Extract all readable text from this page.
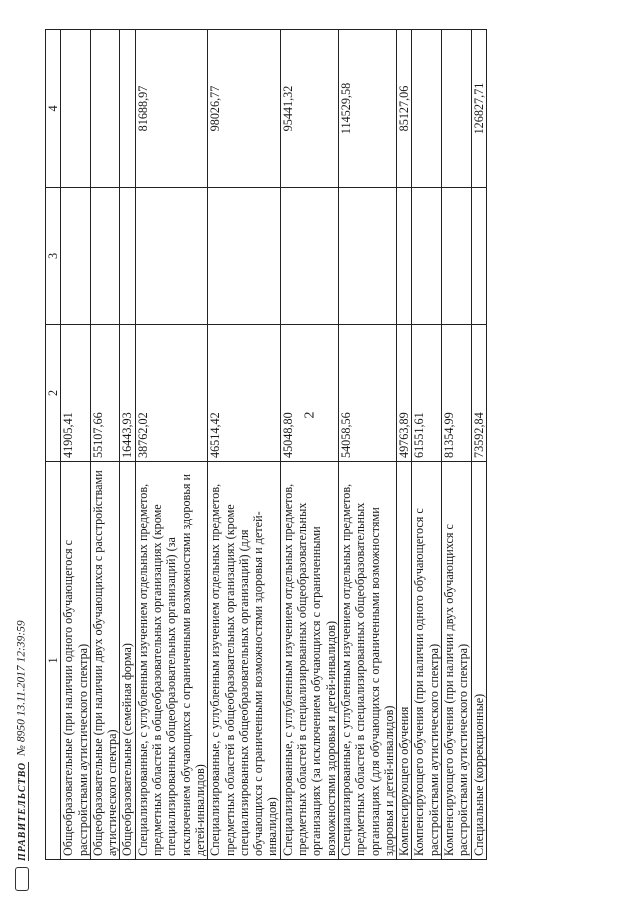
2
1	2	3	4
Общеобразовательные (при наличии одного обучающегося с расстройствами аутистического спектра)	41905,41		
Общеобразовательные (при наличии двух обучающихся с расстройствами аутистического спектра)	55107,66		
Общеобразовательные (семейная форма)	16443,93		
Специализированные, с углубленным изучением отдельных предметов, предметных областей в общеобразовательных организациях (кроме специализированных общеобразовательных организаций) (за исключением обучающихся с ограниченными возможностями здоровья и детей-инвалидов)	38762,02		81688,97
Специализированные, с углубленным изучением отдельных предметов, предметных областей в общеобразовательных организациях (кроме специализированных общеобразовательных организаций) (для обучающихся с ограниченными возможностями здоровья и детей-инвалидов)	46514,42		98026,77
Специализированные, с углубленным изучением отдельных предметов, предметных областей в специализированных общеобразовательных организациях (за исключением обучающихся с ограниченными возможностями здоровья и детей-инвалидов)	45048,80		95441,32
Специализированные, с углубленным изучением отдельных предметов, предметных областей в специализированных общеобразовательных организациях (для обучающихся с ограниченными возможностями здоровья и детей-инвалидов)	54058,56		114529,58
Компенсирующего обучения	49763,89		85127,06
Компенсирующего обучения (при наличии одного обучающегося с расстройствами аутистического спектра)	61551,61		
Компенсирующего обучения (при наличии двух обучающихся с расстройствами аутистического спектра)	81354,99		
Специальные (коррекционные)	73592,84		126827,71
ПРАВИТЕЛЬСТВО№ 8950 13.11.2017 12:39:59
